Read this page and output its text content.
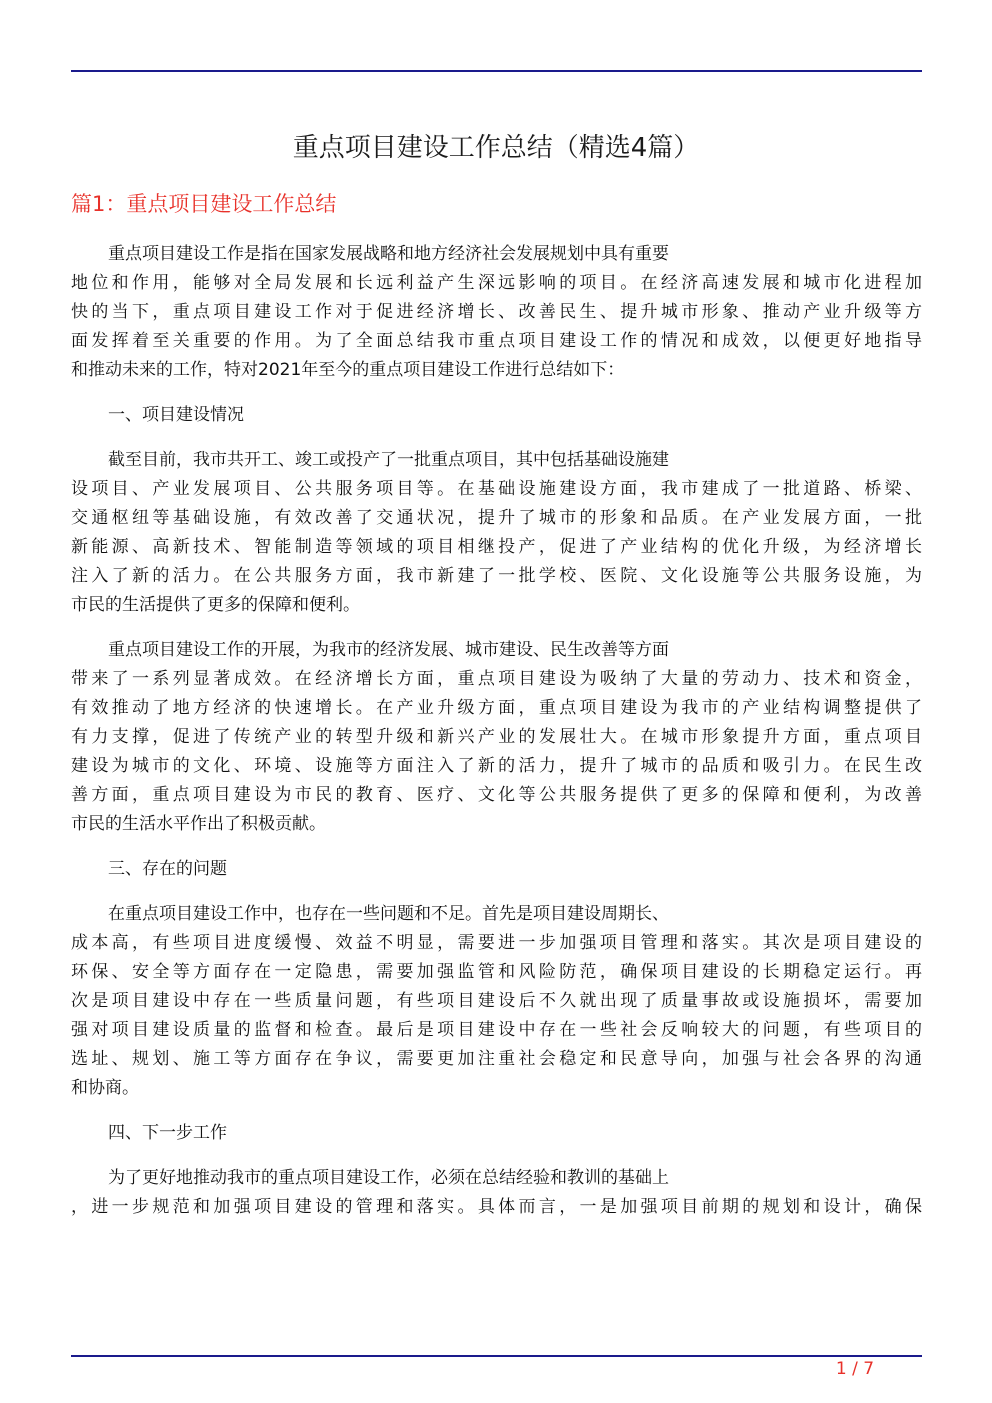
重点项目建设工作总结（精选4篇）
篇1：重点项目建设工作总结
重点项目建设工作是指在国家发展战略和地方经济社会发展规划中具有重要
地位和作用，能够对全局发展和长远利益产生深远影响的项目。在经济高速发展和城市化进程加
快的当下，重点项目建设工作对于促进经济增长、改善民生、提升城市形象、推动产业升级等方
面发挥着至关重要的作用。为了全面总结我市重点项目建设工作的情况和成效，以便更好地指导
和推动未来的工作，特对2021年至今的重点项目建设工作进行总结如下：
一、项目建设情况
截至目前，我市共开工、竣工或投产了一批重点项目，其中包括基础设施建
设项目、产业发展项目、公共服务项目等。在基础设施建设方面，我市建成了一批道路、桥梁、
交通枢纽等基础设施，有效改善了交通状况，提升了城市的形象和品质。在产业发展方面，一批
新能源、高新技术、智能制造等领域的项目相继投产，促进了产业结构的优化升级，为经济增长
注入了新的活力。在公共服务方面，我市新建了一批学校、医院、文化设施等公共服务设施，为
市民的生活提供了更多的保障和便利。
重点项目建设工作的开展，为我市的经济发展、城市建设、民生改善等方面
带来了一系列显著成效。在经济增长方面，重点项目建设为吸纳了大量的劳动力、技术和资金，
有效推动了地方经济的快速增长。在产业升级方面，重点项目建设为我市的产业结构调整提供了
有力支撑，促进了传统产业的转型升级和新兴产业的发展壮大。在城市形象提升方面，重点项目
建设为城市的文化、环境、设施等方面注入了新的活力，提升了城市的品质和吸引力。在民生改
善方面，重点项目建设为市民的教育、医疗、文化等公共服务提供了更多的保障和便利，为改善
市民的生活水平作出了积极贡献。
三、存在的问题
在重点项目建设工作中，也存在一些问题和不足。首先是项目建设周期长、
成本高，有些项目进度缓慢、效益不明显，需要进一步加强项目管理和落实。其次是项目建设的
环保、安全等方面存在一定隐患，需要加强监管和风险防范，确保项目建设的长期稳定运行。再
次是项目建设中存在一些质量问题，有些项目建设后不久就出现了质量事故或设施损坏，需要加
强对项目建设质量的监督和检查。最后是项目建设中存在一些社会反响较大的问题，有些项目的
选址、规划、施工等方面存在争议，需要更加注重社会稳定和民意导向，加强与社会各界的沟通
和协商。
四、下一步工作
为了更好地推动我市的重点项目建设工作，必须在总结经验和教训的基础上
，进一步规范和加强项目建设的管理和落实。具体而言，一是加强项目前期的规划和设计，确保
1 / 7
